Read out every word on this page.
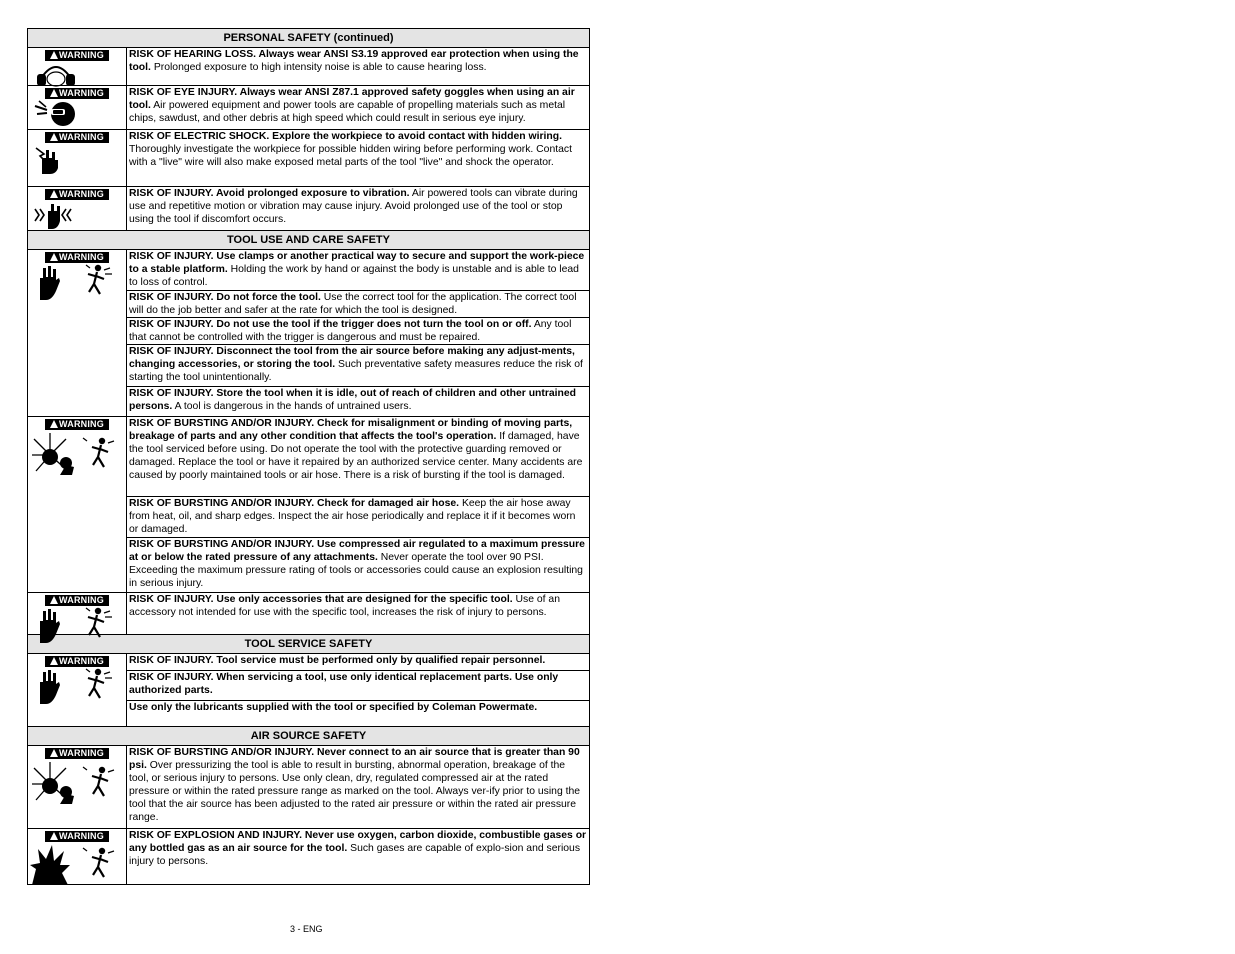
PERSONAL SAFETY (continued)
WARNING	RISK OF HEARING LOSS. Always wear ANSI S3.19 approved ear protection when using the tool. Prolonged exposure to high intensity noise is able to cause hearing loss.
WARNING	RISK OF EYE INJURY. Always wear ANSI Z87.1 approved safety goggles when using an air tool. Air powered equipment and power tools are capable of propelling materials such as metal chips, sawdust, and other debris at high speed which could result in serious eye injury.
WARNING	RISK OF ELECTRIC SHOCK. Explore the workpiece to avoid contact with hidden wiring. Thoroughly investigate the workpiece for possible hidden wiring before performing work. Contact with a "live" wire will also make exposed metal parts of the tool "live" and shock the operator.
WARNING	RISK OF INJURY. Avoid prolonged exposure to vibration. Air powered tools can vibrate during use and repetitive motion or vibration may cause injury. Avoid prolonged use of the tool or stop using the tool if discomfort occurs.
TOOL USE AND CARE SAFETY
WARNING	RISK OF INJURY. Use clamps or another practical way to secure and support the work-piece to a stable platform. Holding the work by hand or against the body is unstable and is able to lead to loss of control.
RISK OF INJURY. Do not force the tool. Use the correct tool for the application. The correct tool will do the job better and safer at the rate for which the tool is designed.
RISK OF INJURY. Do not use the tool if the trigger does not turn the tool on or off. Any tool that cannot be controlled with the trigger is dangerous and must be repaired.
RISK OF INJURY. Disconnect the tool from the air source before making any adjust-ments, changing accessories, or storing the tool. Such preventative safety measures reduce the risk of starting the tool unintentionally.
RISK OF INJURY. Store the tool when it is idle, out of reach of children and other untrained persons. A tool is dangerous in the hands of untrained users.
WARNING	RISK OF BURSTING AND/OR INJURY. Check for misalignment or binding of moving parts, breakage of parts and any other condition that affects the tool's operation. If damaged, have the tool serviced before using. Do not operate the tool with the protective guarding removed or damaged. Replace the tool or have it repaired by an authorized service center. Many accidents are caused by poorly maintained tools or air hose. There is a risk of bursting if the tool is damaged.
RISK OF BURSTING AND/OR INJURY. Check for damaged air hose. Keep the air hose away from heat, oil, and sharp edges. Inspect the air hose periodically and replace it if it becomes worn or damaged.
RISK OF BURSTING AND/OR INJURY. Use compressed air regulated to a maximum pressure at or below the rated pressure of any attachments. Never operate the tool over 90 PSI. Exceeding the maximum pressure rating of tools or accessories could cause an explosion resulting in serious injury.
WARNING	RISK OF INJURY. Use only accessories that are designed for the specific tool. Use of an accessory not intended for use with the specific tool, increases the risk of injury to persons.
TOOL SERVICE SAFETY
WARNING	RISK OF INJURY. Tool service must be performed only by qualified repair personnel.
RISK OF INJURY. When servicing a tool, use only identical replacement parts. Use only authorized parts.
Use only the lubricants supplied with the tool or specified by Coleman Powermate.
AIR SOURCE SAFETY
WARNING	RISK OF BURSTING AND/OR INJURY. Never connect to an air source that is greater than 90 psi. Over pressurizing the tool is able to result in bursting, abnormal operation, breakage of the tool, or serious injury to persons. Use only clean, dry, regulated compressed air at the rated pressure or within the rated pressure range as marked on the tool. Always ver-ify prior to using the tool that the air source has been adjusted to the rated air pressure or within the rated air pressure range.
WARNING	RISK OF EXPLOSION AND INJURY. Never use oxygen, carbon dioxide, combustible gases or any bottled gas as an air source for the tool. Such gases are capable of explo-sion and serious injury to persons.
3 - ENG
